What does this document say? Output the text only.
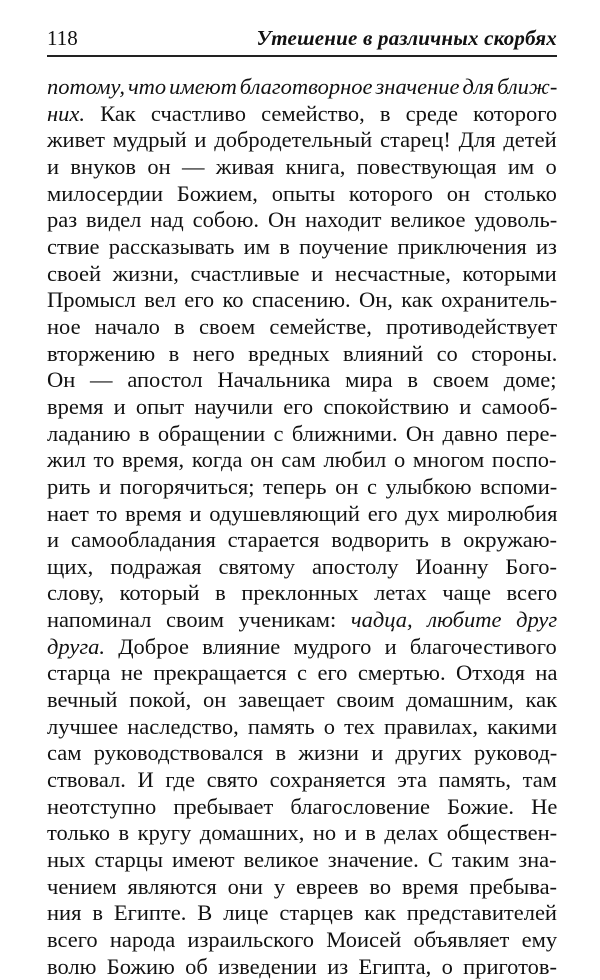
118	Утешение в различных скорбях
потому, что имеют благотворное значение для ближ-
них. Как счастливо семейство, в среде которого
живет мудрый и добродетельный старец! Для детей
и внуков он — живая книга, повествующая им о
милосердии Божием, опыты которого он столько
раз видел над собою. Он находит великое удоволь-
ствие рассказывать им в поучение приключения из
своей жизни, счастливые и несчастные, которыми
Промысл вел его ко спасению. Он, как охранитель-
ное начало в своем семействе, противодействует
вторжению в него вредных влияний со стороны.
Он — апостол Начальника мира в своем доме;
время и опыт научили его спокойствию и самооб-
ладанию в обращении с ближними. Он давно пере-
жил то время, когда он сам любил о многом поспо-
рить и погорячиться; теперь он с улыбкою вспоми-
нает то время и одушевляющий его дух миролюбия
и самообладания старается водворить в окружаю-
щих, подражая святому апостолу Иоанну Бого-
слову, который в преклонных летах чаще всего
напоминал своим ученикам: чадца, любите друг
друга. Доброе влияние мудрого и благочестивого
старца не прекращается с его смертью. Отходя на
вечный покой, он завещает своим домашним, как
лучшее наследство, память о тех правилах, какими
сам руководствовался в жизни и других руковод-
ствовал. И где свято сохраняется эта память, там
неотступно пребывает благословение Божие. Не
только в кругу домашних, но и в делах обществен-
ных старцы имеют великое значение. С таким зна-
чением являются они у евреев во время пребыва-
ния в Египте. В лице старцев как представителей
всего народа израильского Моисей объявляет ему
волю Божию об изведении из Египта, о приготов-
